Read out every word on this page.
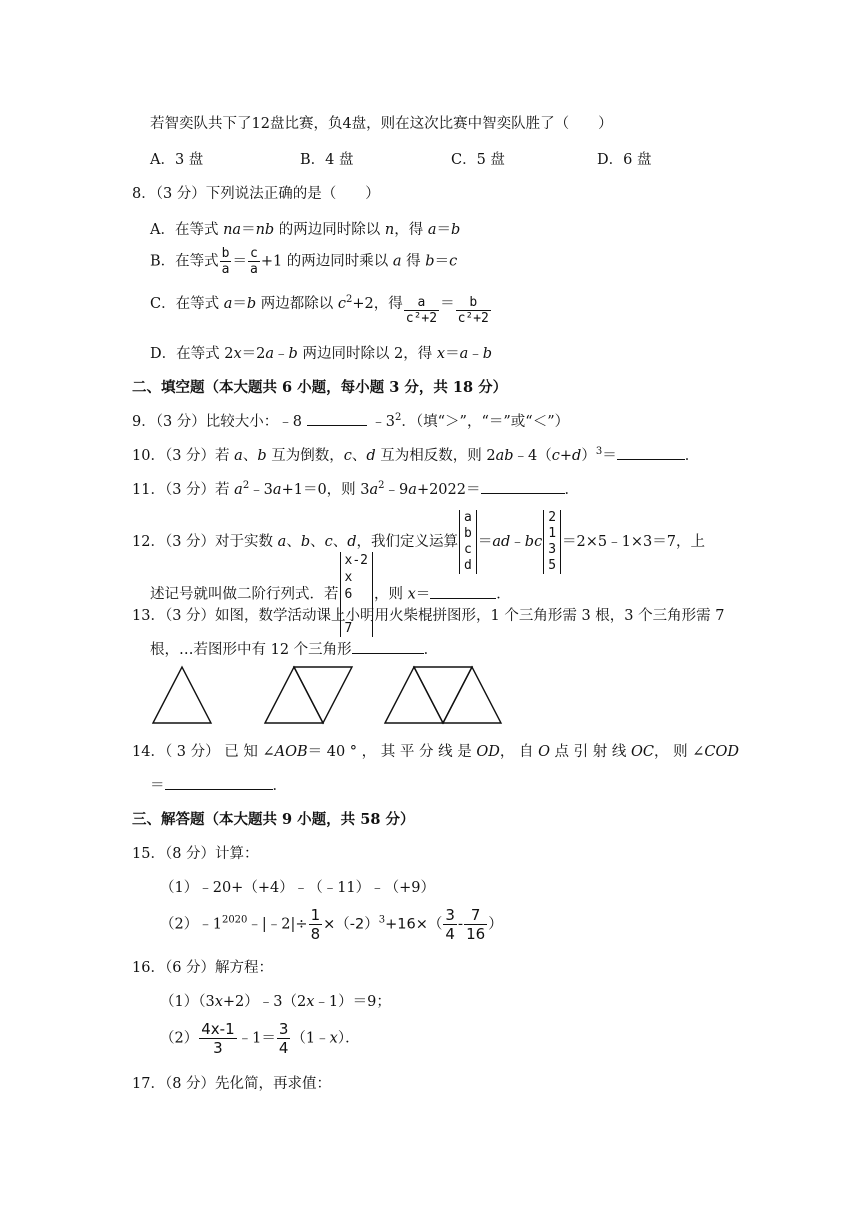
若智奕队共下了12盘比赛，负4盘，则在这次比赛中智奕队胜了（　　）
A．3 盘	B．4 盘	C．5 盘	D．6 盘
8．（3 分）下列说法正确的是（　　）
A．在等式 na＝nb 的两边同时除以 n，得 a＝b
B．在等式 $\frac{b}{a} = \frac{c}{a} +1$ 的两边同时乘以 a 得 b＝c
C．在等式 a＝b 两边都除以 $c^2+2$，得 $\frac{a}{\text{c²+2}} = \frac{b}{\text{c²+2}}$
D．在等式 2x＝2a﹣b 两边同时除以 2，得 x＝a﹣b
二、填空题（本大题共 6 小题，每小题 3 分，共 18 分）
9．（3 分）比较大小：﹣8	$﹣3^2$．（填“＞”，“＝”或“＜”）
10．（3 分）若 a、b 互为倒数，c、d 互为相反数，则 $2ab﹣4(c+d)^3=$	．
11．（3 分）若 $a^2﹣3a+1=0$，则 $3a^2﹣9a+2022=$	．
12．（3 分）对于实数 a、b、c、d，我们定义运算
a
b
c
d
＝ad﹣bc
2
1
3
5
＝2×5﹣1×3＝7，上
述记号就叫做二阶行列式．若
x-2
x
6

7
，则 x＝	．
13．（3 分）如图，数学活动课上小明用火柴棍拼图形，1 个三角形需 3 根，3 个三角形需 7
根，…若图形中有 12 个三角形	．
14．（ 3 分） 已 知 ∠AOB＝ 40 ° ， 其 平 分 线 是 OD， 自 O 点 引 射 线 OC， 则 ∠COD
＝	．
三、解答题（本大题共 9 小题，共 58 分）
15．（8 分）计算：
（1）﹣20+（+4）﹣（﹣11）﹣（+9）
$(2)﹣1^{2020}﹣|﹣2|\div \frac{1}{8} \times(-2)^3+16\times( \frac{3}{4} - \frac{7}{16}$ ）
16．（6 分）解方程：
（1）（3x+2）﹣3（2x﹣1）＝9；
$(2) \frac{4x-1}{3}$ ﹣1＝ $\frac{3}{4}$ （1﹣x）．
17．（8 分）先化简，再求值：
